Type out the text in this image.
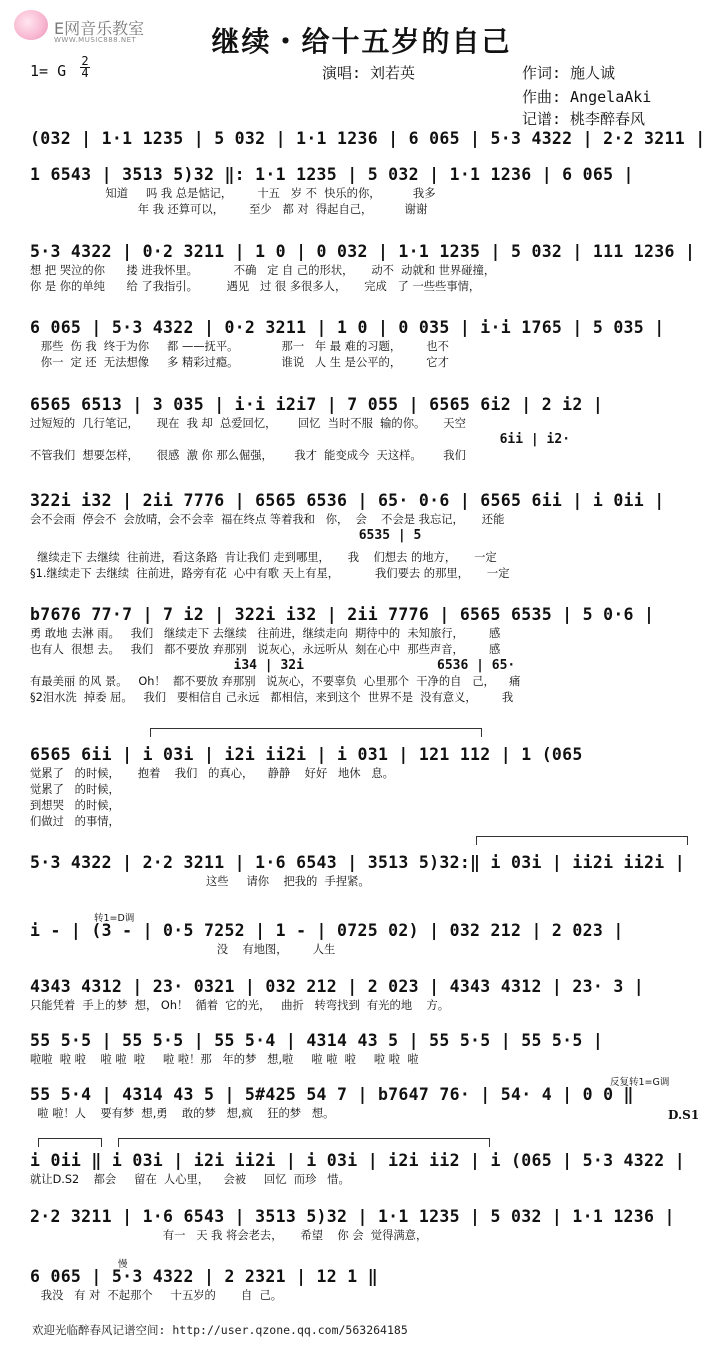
E网音乐教室
WWW.MUSIC888.NET	继续・给十五岁的自己
1= G
2
4	演唱: 刘若英	作词: 施人诚
作曲: AngelaAki
记谱: 桃李醉春风
(032 | 1·1 1235 | 5 032 | 1·1 1236 | 6 065 | 5·3 4322 | 2·2 3211 |
1 6543 | 3513 5)32 ‖: 1·1 1235 | 5 032 | 1·1 1236 | 6 065 |
知道     吗 我 总是惦记，       十五   岁 不  快乐的你，         我多
年 我 还算可以，       至少   都 对  得起自己，         谢谢
5·3 4322 | 0·2 3211 | 1 0 | 0 032 | 1·1 1235 | 5 032 | 111 1236 |
想 把 哭泣的你      搂 进我怀里。          不确   定 自 己的形状，     动不  动就和 世界碰撞，
你 是 你的单纯      给 了我指引。        遇见   过 很 多很多人，     完成   了 一些些事情，
6 065 | 5·3 4322 | 0·2 3211 | 1 0 | 0 035 | i·i 1765 | 5 035 |
那些  伤 我  终于为你     都 ——抚平。            那一   年 最 难的习题，       也不
你一  定 还  无法想像     多 精彩过瘾。            谁说   人 生 是公平的，       它才
6565 6513 | 3 035 | i·i i2i7 | 7 055 | 6565 6i2 | 2 i2 |
过短短的  几行笔记，     现在  我 却  总爱回忆，      回忆  当时不服  输的你。     天空
6ii | i2·
不管我们  想要怎样，     很感  激 你 那么倔强，      我才  能变成今  天这样。      我们
322i i32 | 2ii 7776 | 6565 6536 | 65· 0·6 | 6565 6ii | i 0ii |
会不会雨  停会不  会放晴，会不会幸  福在终点 等着我和   你，  会    不会是 我忘记，     还能
6535 | 5
继续走下 去继续  往前进，看这条路  肯让我们 走到哪里，     我    们想去 的地方，     一定
§1.继续走下 去继续  往前进，路旁有花  心中有歌 天上有星，          我们要去 的那里，     一定
b7676 77·7 | 7 i2 | 322i i32 | 2ii 7776 | 6565 6535 | 5 0·6 |
勇 敢地 去淋 雨。   我们   继续走下 去继续   往前进，继续走向  期待中的  未知旅行，       感
也有人  很想 去。   我们   都不要放 弃那别   说灰心，永远听从  刻在心中  那些声音，       感
i34 | 32i                 6536 | 65·
有最美丽 的风 景。   Oh！  都不要放 弃那别   说灰心，不要辜负  心里那个  干净的自   己，    痛
§2泪水洗  掉委 屈。   我们   要相信自 己永远   都相信，来到这个  世界不是  没有意义，       我
6565 6ii | i 03i | i2i ii2i | i 031 | 121 112 | 1 (065
觉累了   的时候，     抱着    我们   的真心，    静静    好好   地休   息。
觉累了   的时候，
到想哭   的时候，
们做过   的事情，
5·3 4322 | 2·2 3211 | 1·6 6543 | 3513 5)32:‖ i 03i | ii2i ii2i |
这些     请你    把我的  手捏紧。
转1=D调
i - | (3 - | 0·5 7252 | 1 - | 0725 02) | 032 212 | 2 023 |
没    有地图，       人生
4343 4312 | 23· 0321 | 032 212 | 2 023 | 4343 4312 | 23· 3 |
只能凭着  手上的梦  想， Oh！  循着  它的光，   曲折   转弯找到  有光的地    方。
55 5·5 | 55 5·5 | 55 5·4 | 4314 43 5 | 55 5·5 | 55 5·5 |
啦啦  啦 啦    啦 啦  啦     啦 啦！那   年的梦   想,啦     啦 啦  啦     啦 啦  啦
反复转1=G调
55 5·4 | 4314 43 5 | 5#425 54 7 | b7647 76· | 54· 4 | 0 0 ‖
啦 啦！人    要有梦  想,勇    敢的梦   想,疯    狂的梦   想。	D.S1
i 0ii ‖ i 03i | i2i ii2i | i 03i | i2i ii2 | i (065 | 5·3 4322 |
就让D.S2    都会     留在  人心里，    会被     回忆  而珍   惜。
2·2 3211 | 1·6 6543 | 3513 5)32 | 1·1 1235 | 5 032 | 1·1 1236 |
有一   天 我 将会老去，     希望    你 会  觉得满意，
慢
6 065 | 5·3 4322 | 2 2321 | 12 1 ‖
我没   有 对  不起那个     十五岁的       自  己。
欢迎光临醉春风记谱空间: http://user.qzone.qq.com/563264185
